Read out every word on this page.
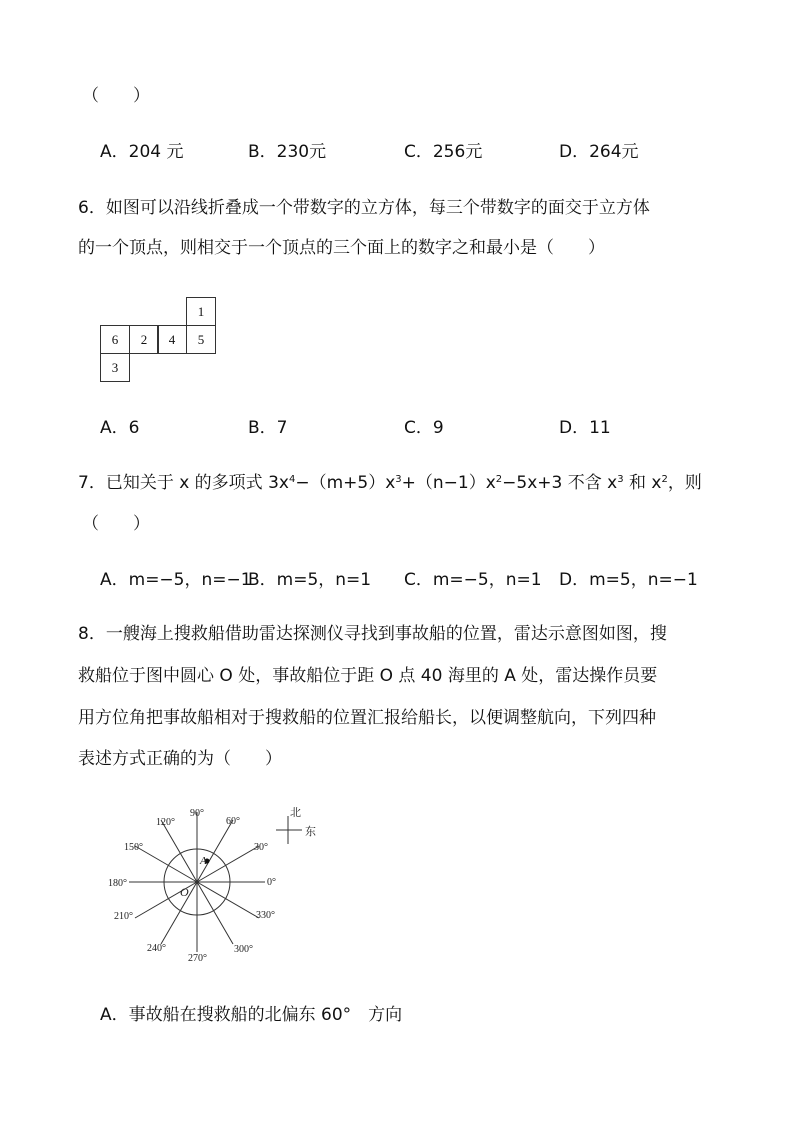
（　　）
A．204 元	B．230元	C．256元	D．264元
6．如图可以沿线折叠成一个带数字的立方体，每三个带数字的面交于立方体
的一个顶点，则相交于一个顶点的三个面上的数字之和最小是（　　）
1
6	2	4	5
3
A．6	B．7	C．9	D．11
7．已知关于 x 的多项式 $3x^4-(m+5)x^3+(n-1)x^2-5x+3$ 不含 $x^3$ 和 $x^2$，则
（　　）
A．m=−5，n=−1
B．m=5，n=1 C．m=−5，n=1 D．m=5，n=−1
8．一艘海上搜救船借助雷达探测仪寻找到事故船的位置，雷达示意图如图，搜
救船位于图中圆心 O 处，事故船位于距 O 点 40 海里的 A 处，雷达操作员要
用方位角把事故船相对于搜救船的位置汇报给船长，以便调整航向，下列四种
表述方式正确的为（　　）
0°
30°
60°
90°
120°
150°
180°
210°
240°
270°
300°
330°
O
A
北
东
A．事故船在搜救船的北偏东 60°　方向
